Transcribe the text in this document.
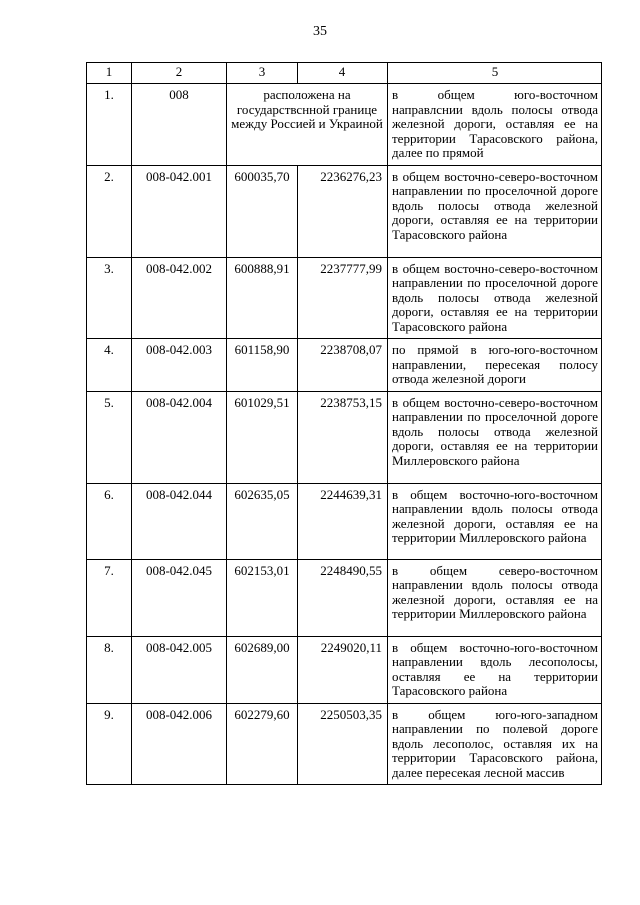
35
1	2	3	4	5
1.	008	расположена на государствснной границе между Россией и Украиной		в общем юго-восточном направлснии вдоль полосы отвода железной дороги, оставляя ее на территории Тарасовского района, далее по прямой
2.	008-042.001	600035,70	2236276,23	в общем восточно-северо-восточном направлении по проселочной дороге вдоль полосы отвода железной дороги, оставляя ее на территории Тарасовского района
3.	008-042.002	600888,91	2237777,99	в общем восточно-северо-восточном направлении по проселочной дороге вдоль полосы отвода железной дороги, оставляя ее на территории Тарасовского района
4.	008-042.003	601158,90	2238708,07	по прямой в юго-юго-восточном направлении, пересекая полосу отвода железной дороги
5.	008-042.004	601029,51	2238753,15	в общем восточно-северо-восточном направлении по проселочной дороге вдоль полосы отвода железной дороги, оставляя ее на территории Миллеровского района
6.	008-042.044	602635,05	2244639,31	в общем восточно-юго-восточном направлении вдоль полосы отвода железной дороги, оставляя ее на территории Миллеровского района
7.	008-042.045	602153,01	2248490,55	в общем северо-восточном направлении вдоль полосы отвода железной дороги, оставляя ее на территории Миллеровского района
8.	008-042.005	602689,00	2249020,11	в общем восточно-юго-восточном направлении вдоль лесополосы, оставляя ее на территории Тарасовского района
9.	008-042.006	602279,60	2250503,35	в общем юго-юго-западном направлении по полевой дороге вдоль лесополос, оставляя их на территории Тарасовского района, далее пересекая лесной массив
